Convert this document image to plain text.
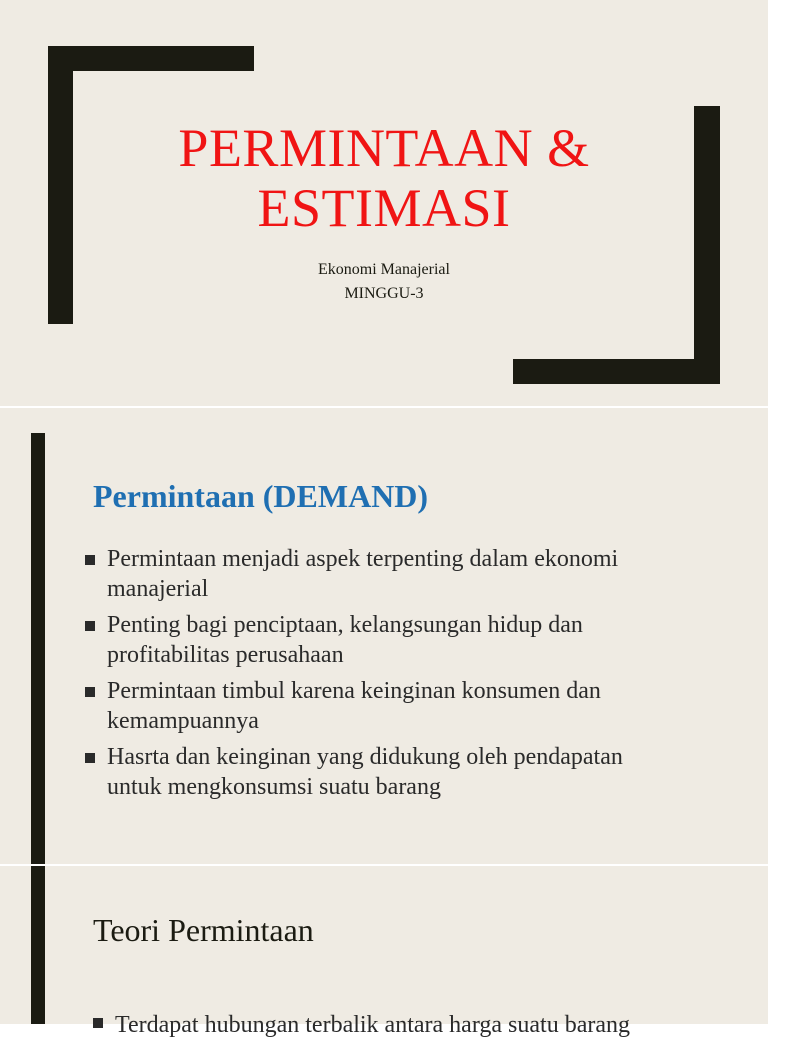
PERMINTAAN &
ESTIMASI
Ekonomi Manajerial
MINGGU-3
Permintaan (DEMAND)
Permintaan menjadi aspek terpenting dalam ekonomi
manajerial
Penting bagi penciptaan, kelangsungan hidup dan
profitabilitas perusahaan
Permintaan timbul karena keinginan konsumen dan
kemampuannya
Hasrta dan keinginan yang didukung oleh pendapatan
untuk mengkonsumsi suatu barang
Teori Permintaan
Terdapat hubungan terbalik antara harga suatu barang
